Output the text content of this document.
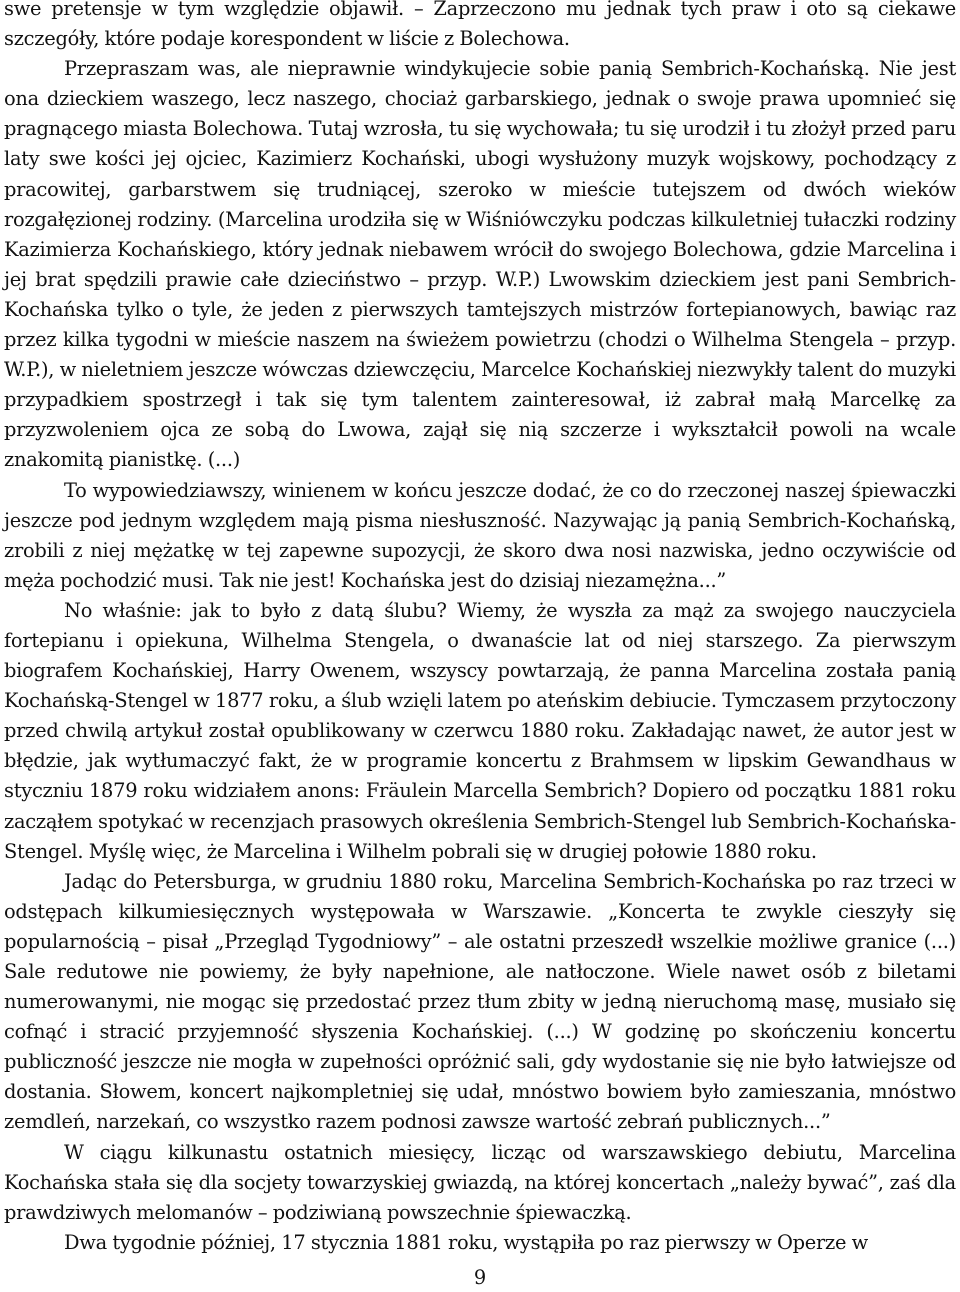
swe pretensje w tym względzie objawił. – Zaprzeczono mu jednak tych praw i oto są ciekawe szczegóły, które podaje korespondent w liście z Bolechowa.

Przepraszam was, ale nieprawnie windykujecie sobie panią Sembrich-Kochańską. Nie jest ona dzieckiem waszego, lecz naszego, chociaż garbarskiego, jednak o swoje prawa upomnieć się pragnącego miasta Bolechowa. Tutaj wzrosła, tu się wychowała; tu się urodził i tu złożył przed paru laty swe kości jej ojciec, Kazimierz Kochański, ubogi wysłużony muzyk wojskowy, pochodzący z pracowitej, garbarstwem się trudniącej, szeroko w mieście tutejszem od dwóch wieków rozgałęzionej rodziny. (Marcelina urodziła się w Wiśniówczyku podczas kilkuletniej tułaczki rodziny Kazimierza Kochańskiego, który jednak niebawem wrócił do swojego Bolechowa, gdzie Marcelina i jej brat spędzili prawie całe dzieciństwo – przyp. W.P.) Lwowskim dzieckiem jest pani Sembrich-Kochańska tylko o tyle, że jeden z pierwszych tamtejszych mistrzów fortepianowych, bawiąc raz przez kilka tygodni w mieście naszem na świeżem powietrzu (chodzi o Wilhelma Stengela – przyp. W.P.), w nieletniem jeszcze wówczas dziewczęciu, Marcelce Kochańskiej niezwykły talent do muzyki przypadkiem spostrzegł i tak się tym talentem zainteresował, iż zabrał małą Marcelkę za przyzwoleniem ojca ze sobą do Lwowa, zajął się nią szczerze i wykształcił powoli na wcale znakomitą pianistkę. (...)

To wypowiedziawszy, winienem w końcu jeszcze dodać, że co do rzeczonej naszej śpiewaczki jeszcze pod jednym względem mają pisma niesłuszność. Nazywając ją panią Sembrich-Kochańską, zrobili z niej mężatkę w tej zapewne supozycji, że skoro dwa nosi nazwiska, jedno oczywiście od męża pochodzić musi. Tak nie jest! Kochańska jest do dzisiaj niezamężna...”

No właśnie: jak to było z datą ślubu? Wiemy, że wyszła za mąż za swojego nauczyciela fortepianu i opiekuna, Wilhelma Stengela, o dwanaście lat od niej starszego. Za pierwszym biografem Kochańskiej, Harry Owenem, wszyscy powtarzają, że panna Marcelina została panią Kochańską-Stengel w 1877 roku, a ślub wzięli latem po ateńskim debiucie. Tymczasem przytoczony przed chwilą artykuł został opublikowany w czerwcu 1880 roku. Zakładając nawet, że autor jest w błędzie, jak wytłumaczyć fakt, że w programie koncertu z Brahmsem w lipskim Gewandhaus w styczniu 1879 roku widziałem anons: Fräulein Marcella Sembrich? Dopiero od początku 1881 roku zacząłem spotykać w recenzjach prasowych określenia Sembrich-Stengel lub Sembrich-Kochańska-Stengel. Myślę więc, że Marcelina i Wilhelm pobrali się w drugiej połowie 1880 roku.

Jadąc do Petersburga, w grudniu 1880 roku, Marcelina Sembrich-Kochańska po raz trzeci w odstępach kilkumiesięcznych występowała w Warszawie. „Koncerta te zwykle cieszyły się popularnością – pisał „Przegląd Tygodniowy” – ale ostatni przeszedł wszelkie możliwe granice (...) Sale redutowe nie powiemy, że były napełnione, ale natłoczone. Wiele nawet osób z biletami numerowanymi, nie mogąc się przedostać przez tłum zbity w jedną nieruchomą masę, musiało się cofnąć i stracić przyjemność słyszenia Kochańskiej. (...) W godzinę po skończeniu koncertu publiczność jeszcze nie mogła w zupełności opróżnić sali, gdy wydostanie się nie było łatwiejsze od dostania. Słowem, koncert najkompletniej się udał, mnóstwo bowiem było zamieszania, mnóstwo zemdleń, narzekań, co wszystko razem podnosi zawsze wartość zebrań publicznych...”

W ciągu kilkunastu ostatnich miesięcy, licząc od warszawskiego debiutu, Marcelina Kochańska stała się dla socjety towarzyskiej gwiazdą, na której koncertach „należy bywać”, zaś dla prawdziwych melomanów – podziwianą powszechnie śpiewaczką.

Dwa tygodnie później, 17 stycznia 1881 roku, wystąpiła po raz pierwszy w Operze w

9
